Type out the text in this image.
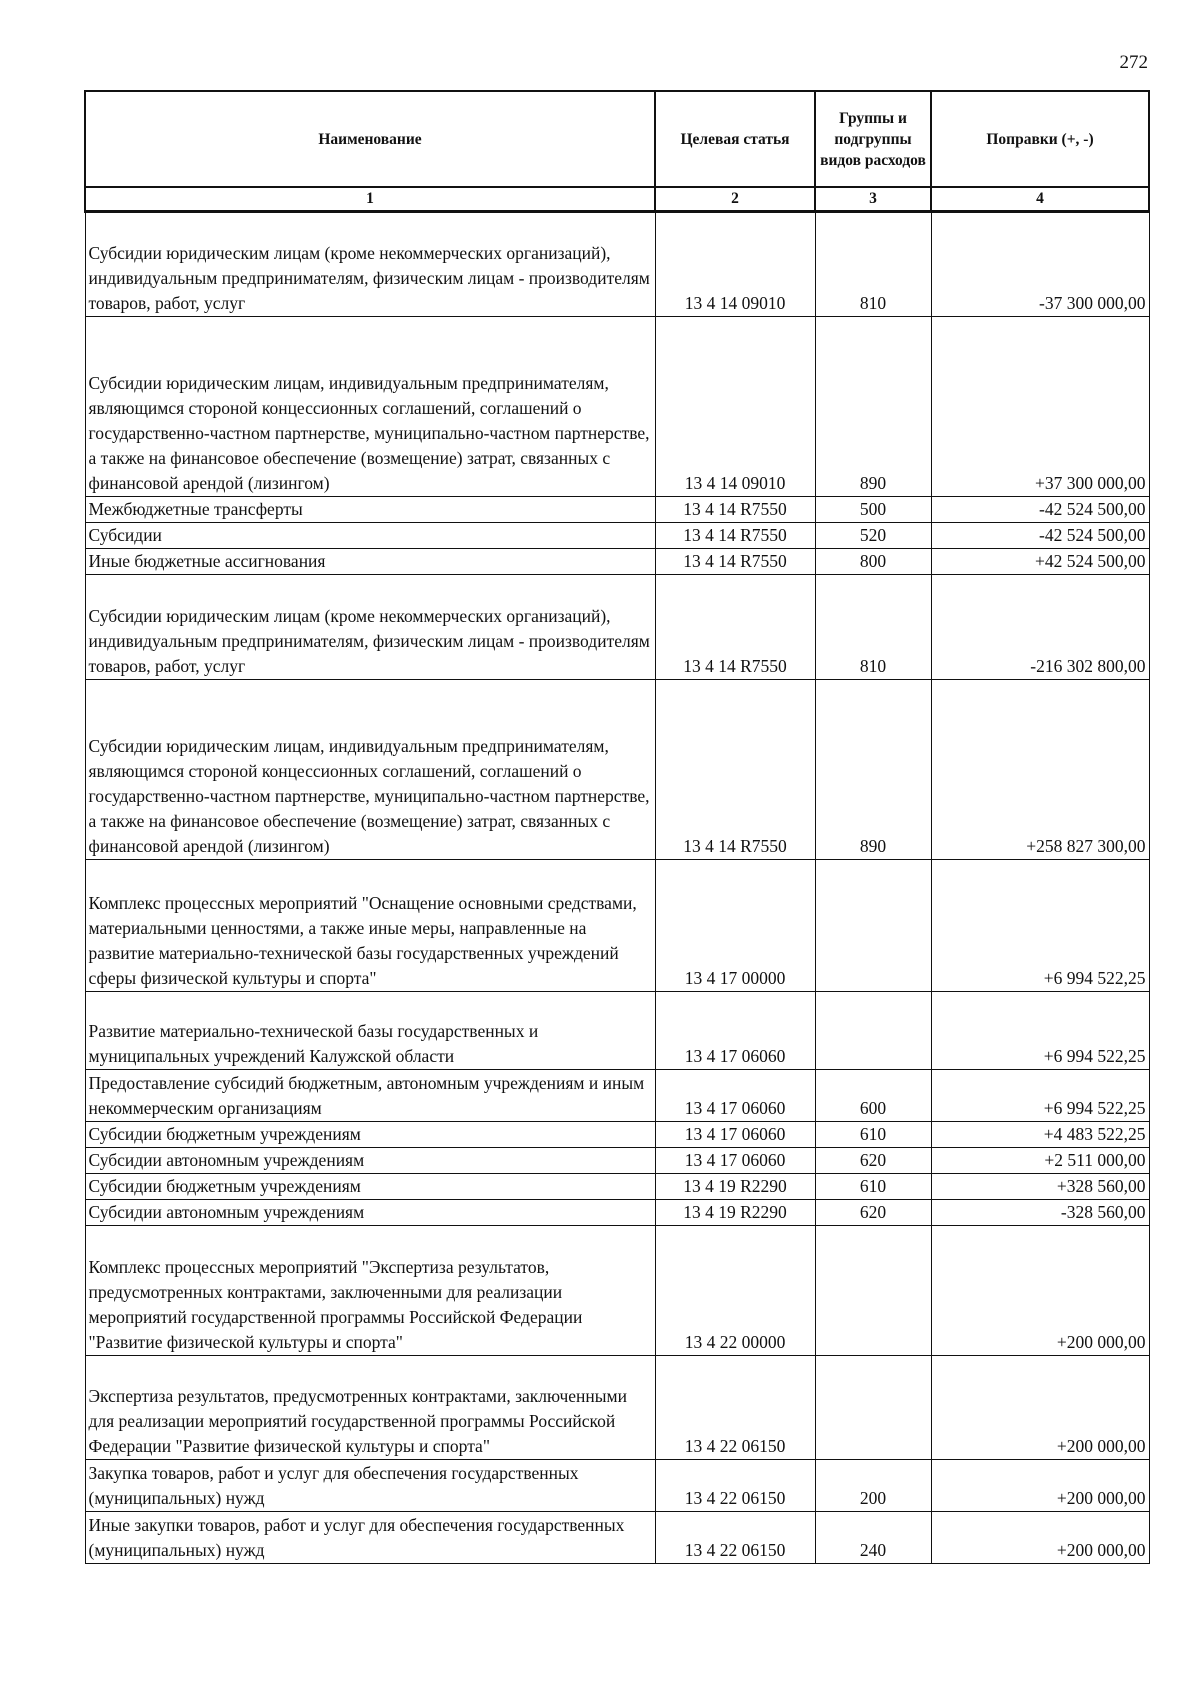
272
Наименование	Целевая статья	Группы и подгруппы видов расходов	Поправки (+, -)
1	2	3	4
Субсидии юридическим лицам (кроме некоммерческих организаций), индивидуальным предпринимателям, физическим лицам - производителям товаров, работ, услуг	13 4 14 09010	810	-37 300 000,00
Субсидии юридическим лицам, индивидуальным предпринимателям, являющимся стороной концессионных соглашений, соглашений о государственно-частном партнерстве, муниципально-частном партнерстве, а также на финансовое обеспечение (возмещение) затрат, связанных с финансовой арендой (лизингом)	13 4 14 09010	890	+37 300 000,00
Межбюджетные трансферты	13 4 14 R7550	500	-42 524 500,00
Субсидии	13 4 14 R7550	520	-42 524 500,00
Иные бюджетные ассигнования	13 4 14 R7550	800	+42 524 500,00
Субсидии юридическим лицам (кроме некоммерческих организаций), индивидуальным предпринимателям, физическим лицам - производителям товаров, работ, услуг	13 4 14 R7550	810	-216 302 800,00
Субсидии юридическим лицам, индивидуальным предпринимателям, являющимся стороной концессионных соглашений, соглашений о государственно-частном партнерстве, муниципально-частном партнерстве, а также на финансовое обеспечение (возмещение) затрат, связанных с финансовой арендой (лизингом)	13 4 14 R7550	890	+258 827 300,00
Комплекс процессных мероприятий "Оснащение основными средствами, материальными ценностями, а также иные меры, направленные на развитие материально-технической базы государственных учреждений сферы физической культуры и спорта"	13 4 17 00000		+6 994 522,25
Развитие материально-технической базы государственных и муниципальных учреждений Калужской области	13 4 17 06060		+6 994 522,25
Предоставление субсидий бюджетным, автономным учреждениям и иным некоммерческим организациям	13 4 17 06060	600	+6 994 522,25
Субсидии бюджетным учреждениям	13 4 17 06060	610	+4 483 522,25
Субсидии автономным учреждениям	13 4 17 06060	620	+2 511 000,00
Субсидии бюджетным учреждениям	13 4 19 R2290	610	+328 560,00
Субсидии автономным учреждениям	13 4 19 R2290	620	-328 560,00
Комплекс процессных мероприятий "Экспертиза результатов, предусмотренных контрактами, заключенными для реализации мероприятий государственной программы Российской Федерации "Развитие физической культуры и спорта"	13 4 22 00000		+200 000,00
Экспертиза результатов, предусмотренных контрактами, заключенными для реализации мероприятий государственной программы Российской Федерации "Развитие физической культуры и спорта"	13 4 22 06150		+200 000,00
Закупка товаров, работ и услуг для обеспечения государственных (муниципальных) нужд	13 4 22 06150	200	+200 000,00
Иные закупки товаров, работ и услуг для обеспечения государственных (муниципальных) нужд	13 4 22 06150	240	+200 000,00
